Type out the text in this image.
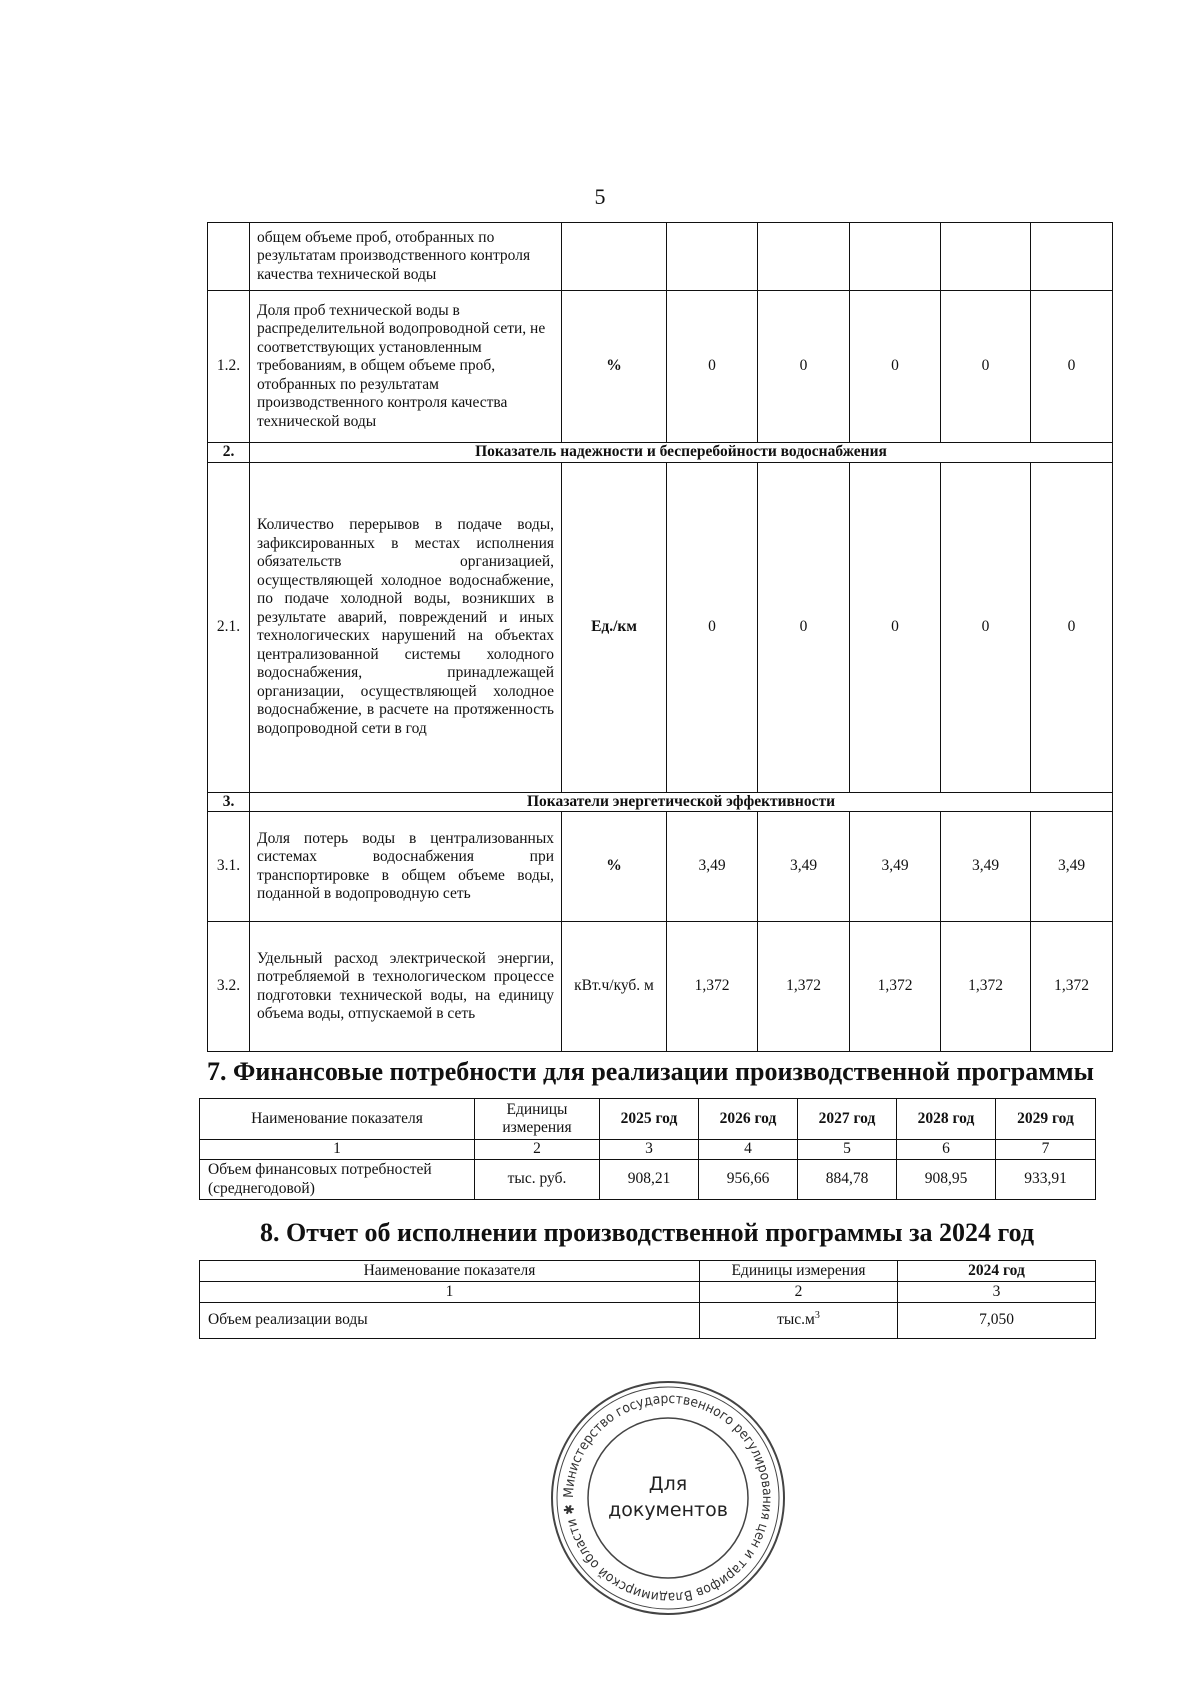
5
	общем объеме проб, отобранных по результатам производственного контроля качества технической воды						
1.2.	Доля проб технической воды в распределительной водопроводной сети, не соответствующих установленным требованиям, в общем объеме проб, отобранных по результатам производственного контроля качества технической воды	%	0	0	0	0	0
2.	Показатель надежности и бесперебойности водоснабжения						
2.1.	Количество перерывов в подаче воды, зафиксированных в местах исполнения обязательств организацией, осуществляющей холодное водоснабжение, по подаче холодной воды, возникших в результате аварий, повреждений и иных технологических нарушений на объектах централизованной системы холодного водоснабжения, принадлежащей организации, осуществляющей холодное водоснабжение, в расчете на протяженность водопроводной сети в год	Ед./км	0	0	0	0	0
3.	Показатели энергетической эффективности						
3.1.	Доля потерь воды в централизованных системах водоснабжения при транспортировке в общем объеме воды, поданной в водопроводную сеть	%	3,49	3,49	3,49	3,49	3,49
3.2.	Удельный расход электрической энергии, потребляемой в технологическом процессе подготовки технической воды, на единицу объема воды, отпускаемой в сеть	кВт.ч/куб. м	1,372	1,372	1,372	1,372	1,372
7. Финансовые потребности для реализации производственной программы
Наименование показателя	Единицы измерения	2025 год	2026 год	2027 год	2028 год	2029 год
1	2	3	4	5	6	7
Объем финансовых потребностей (среднегодовой)	тыс. руб.	908,21	956,66	884,78	908,95	933,91
8. Отчет об исполнении производственной программы за 2024 год
Наименование показателя	Единицы измерения	2024 год
1	2	3
Объем реализации воды	$тыс.м^3$	7,050
Министерство государственного регулирования цен и тарифов Владимирской области ✱
Для
документов
